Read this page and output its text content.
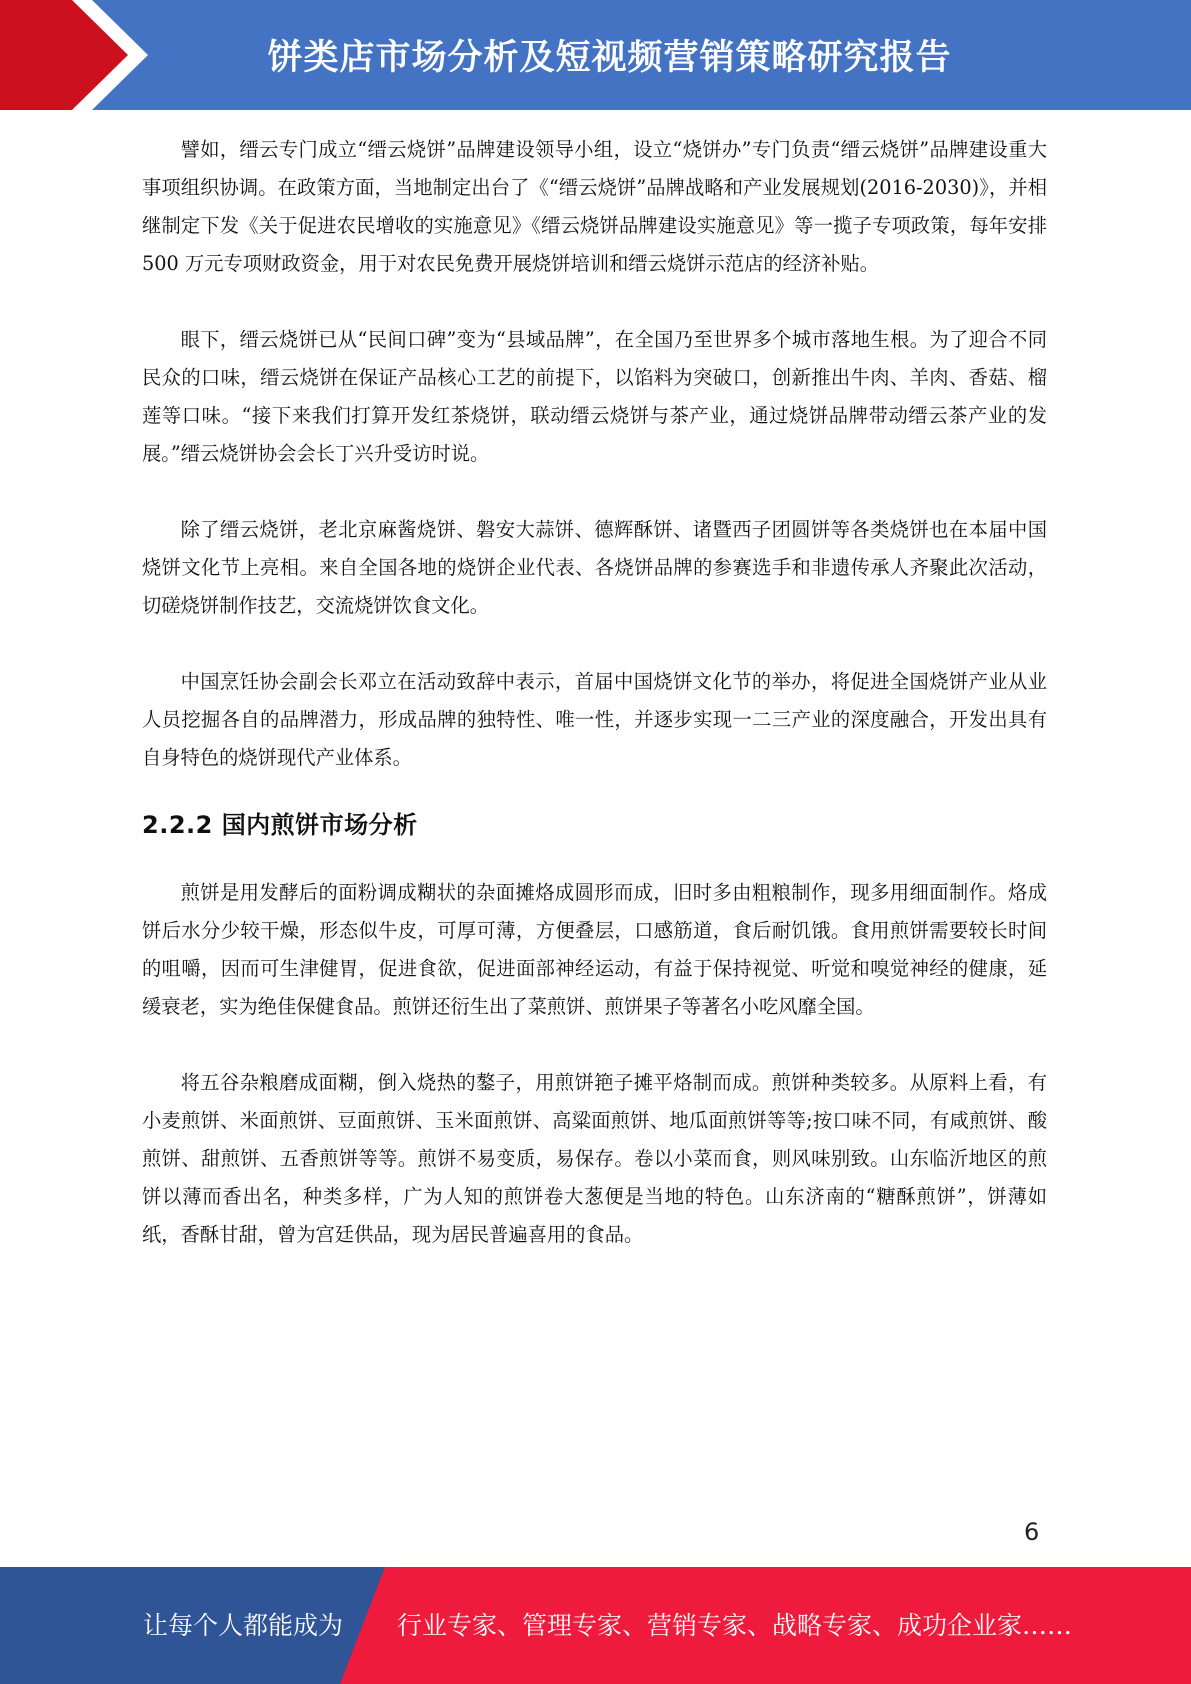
饼类店市场分析及短视频营销策略研究报告

譬如，缙云专门成立“缙云烧饼”品牌建设领导小组，设立“烧饼办”专门负责“缙云烧饼”品牌建设重大事项组织协调。在政策方面，当地制定出台了《“缙云烧饼”品牌战略和产业发展规划(2016-2030)》，并相继制定下发《关于促进农民增收的实施意见》《缙云烧饼品牌建设实施意见》等一揽子专项政策，每年安排 500 万元专项财政资金，用于对农民免费开展烧饼培训和缙云烧饼示范店的经济补贴。

眼下，缙云烧饼已从“民间口碑”变为“县域品牌”，在全国乃至世界多个城市落地生根。为了迎合不同民众的口味，缙云烧饼在保证产品核心工艺的前提下，以馅料为突破口，创新推出牛肉、羊肉、香菇、榴莲等口味。“接下来我们打算开发红茶烧饼，联动缙云烧饼与茶产业，通过烧饼品牌带动缙云茶产业的发展。”缙云烧饼协会会长丁兴升受访时说。

除了缙云烧饼，老北京麻酱烧饼、磐安大蒜饼、德辉酥饼、诸暨西子团圆饼等各类烧饼也在本届中国烧饼文化节上亮相。来自全国各地的烧饼企业代表、各烧饼品牌的参赛选手和非遗传承人齐聚此次活动，切磋烧饼制作技艺，交流烧饼饮食文化。

中国烹饪协会副会长邓立在活动致辞中表示，首届中国烧饼文化节的举办，将促进全国烧饼产业从业人员挖掘各自的品牌潜力，形成品牌的独特性、唯一性，并逐步实现一二三产业的深度融合，开发出具有自身特色的烧饼现代产业体系。

2.2.2 国内煎饼市场分析

煎饼是用发酵后的面粉调成糊状的杂面摊烙成圆形而成，旧时多由粗粮制作，现多用细面制作。烙成饼后水分少较干燥，形态似牛皮，可厚可薄，方便叠层，口感筋道，食后耐饥饿。食用煎饼需要较长时间的咀嚼，因而可生津健胃，促进食欲，促进面部神经运动，有益于保持视觉、听觉和嗅觉神经的健康，延缓衰老，实为绝佳保健食品。煎饼还衍生出了菜煎饼、煎饼果子等著名小吃风靡全国。

将五谷杂粮磨成面糊，倒入烧热的鏊子，用煎饼筢子摊平烙制而成。煎饼种类较多。从原料上看，有小麦煎饼、米面煎饼、豆面煎饼、玉米面煎饼、高粱面煎饼、地瓜面煎饼等等;按口味不同，有咸煎饼、酸煎饼、甜煎饼、五香煎饼等等。煎饼不易变质，易保存。卷以小菜而食，则风味别致。山东临沂地区的煎饼以薄而香出名，种类多样，广为人知的煎饼卷大葱便是当地的特色。山东济南的“糖酥煎饼”，饼薄如纸，香酥甘甜，曾为宫廷供品，现为居民普遍喜用的食品。

6
让每个人都能成为 行业专家、管理专家、营销专家、战略专家、成功企业家……
